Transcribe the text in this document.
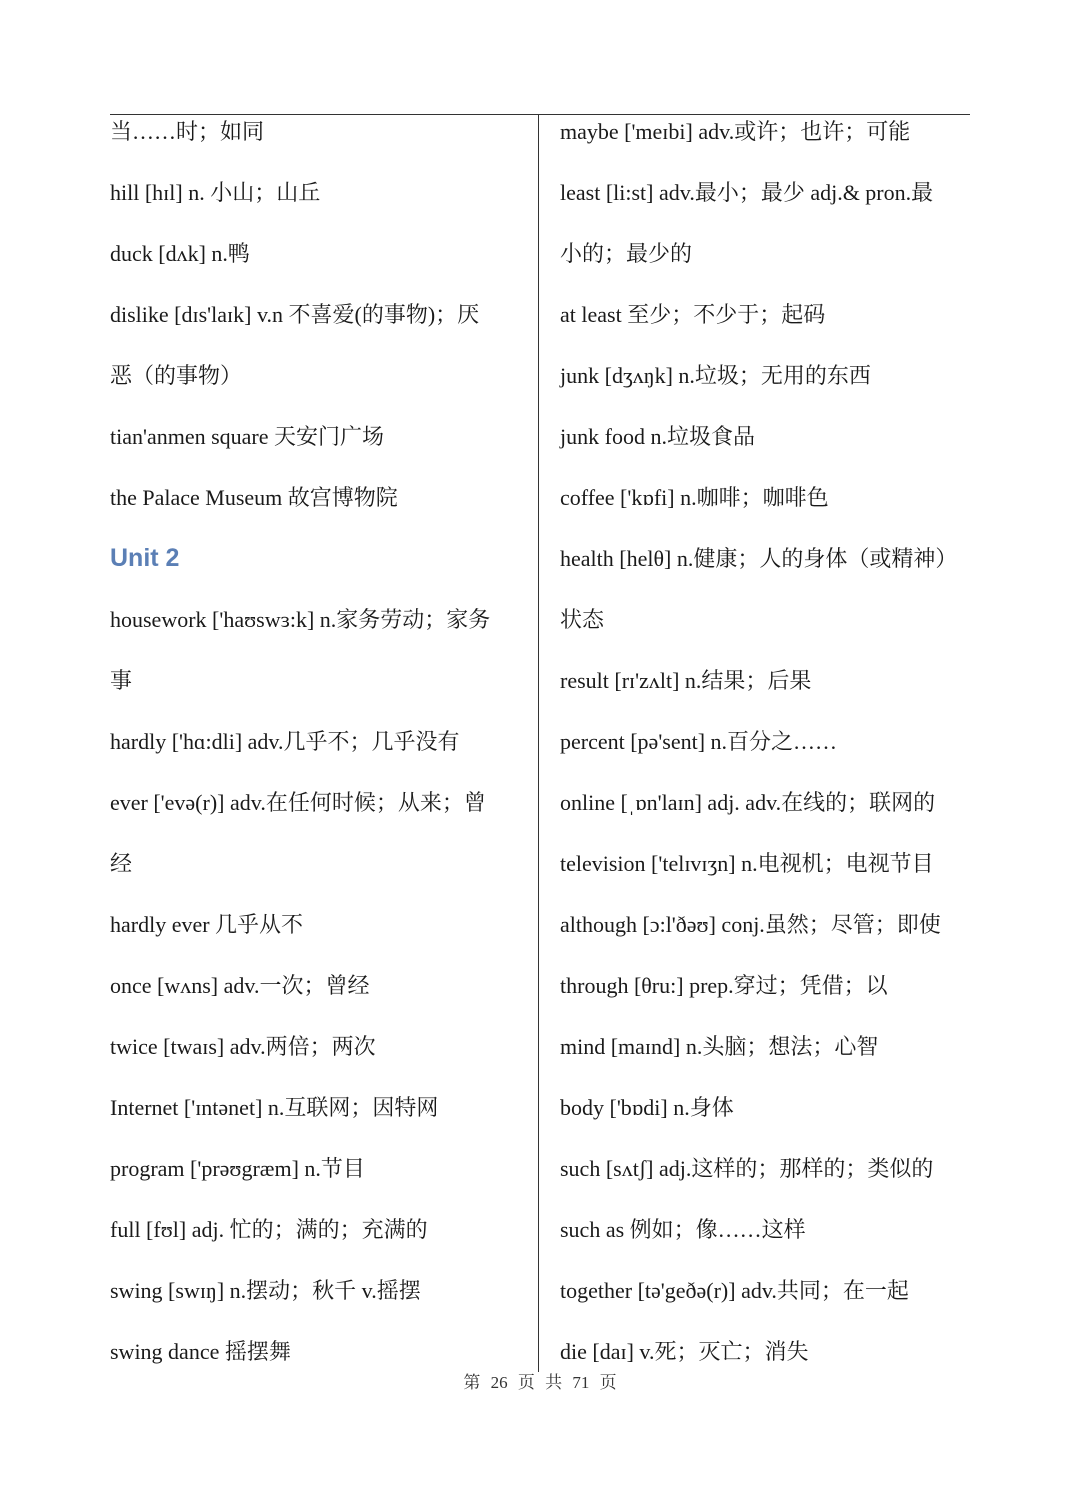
当……时；如同
hill [hɪl] n. 小山；山丘
duck [dʌk] n.鸭
dislike [dɪs'laɪk] v.n 不喜爱(的事物)；厌
恶（的事物）
tian'anmen square 天安门广场
the Palace Museum 故宫博物院
Unit 2
housework ['haʊswɜ:k] n.家务劳动；家务
事
hardly ['hɑ:dli] adv.几乎不；几乎没有
ever ['evə(r)] adv.在任何时候；从来；曾
经
hardly ever 几乎从不
once [wʌns] adv.一次；曾经
twice [twaɪs] adv.两倍；两次
Internet ['ɪntənet] n.互联网；因特网
program ['prəʊgræm] n.节目
full [fʊl] adj. 忙的；满的；充满的
swing [swɪŋ] n.摆动；秋千 v.摇摆
swing dance 摇摆舞
maybe ['meɪbi] adv.或许；也许；可能
least [li:st] adv.最小；最少 adj.& pron.最
小的；最少的
at least 至少；不少于；起码
junk [dʒʌŋk] n.垃圾；无用的东西
junk food n.垃圾食品
coffee ['kɒfi] n.咖啡；咖啡色
health [helθ] n.健康；人的身体（或精神）
状态
result [rɪ'zʌlt] n.结果；后果
percent [pə'sent] n.百分之……
online [ˌɒn'laɪn] adj. adv.在线的；联网的
television ['telɪvɪʒn] n.电视机；电视节目
although [ɔ:l'ðəʊ] conj.虽然；尽管；即使
through [θru:] prep.穿过；凭借；以
mind [maɪnd] n.头脑；想法；心智
body ['bɒdi] n.身体
such [sʌtʃ] adj.这样的；那样的；类似的
such as 例如；像……这样
together [tə'geðə(r)] adv.共同；在一起
die [daɪ] v.死；灭亡；消失
第 26 页 共 71 页
